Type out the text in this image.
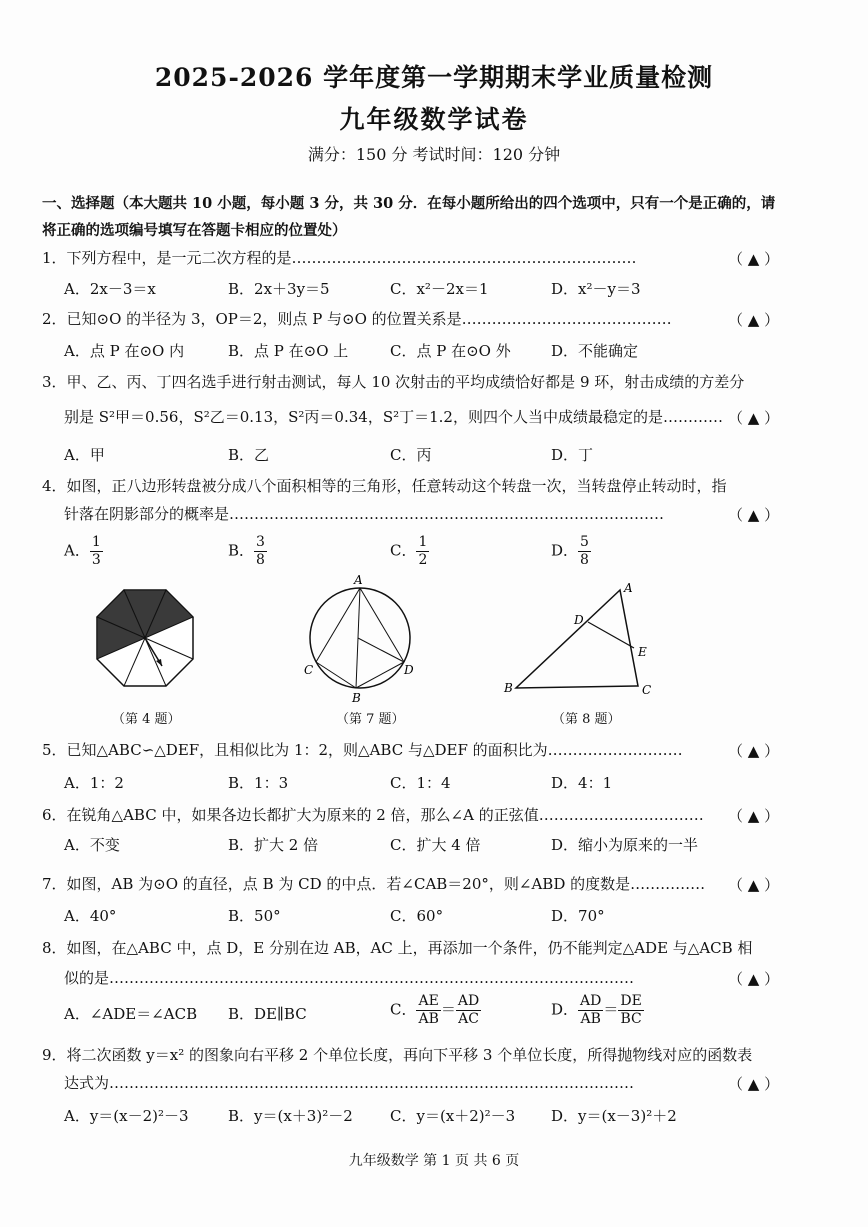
2025-2026 学年度第一学期期末学业质量检测
九年级数学试卷
满分：150 分 考试时间：120 分钟
一、选择题（本大题共 10 小题，每小题 3 分，共 30 分．在每小题所给出的四个选项中，只有一个是正确的，请将正确的选项编号填写在答题卡相应的位置处）
1．下列方程中，是一元二次方程的是……………………………………………………………	（ ▲ ）
A．2x－3＝x	B．2x＋3y＝5	C．x²－2x＝1	D．x²－y＝3
2．已知⊙O 的半径为 3，OP＝2，则点 P 与⊙O 的位置关系是……………………………………	（ ▲ ）
A．点 P 在⊙O 内	B．点 P 在⊙O 上	C．点 P 在⊙O 外	D．不能确定
3．甲、乙、丙、丁四名选手进行射击测试，每人 10 次射击的平均成绩恰好都是 9 环，射击成绩的方差分
别是 S²甲＝0.56，S²乙＝0.13，S²丙＝0.34，S²丁＝1.2，则四个人当中成绩最稳定的是………… （ ▲ ）
A．甲	B．乙	C．丙	D．丁
4．如图，正八边形转盘被分成八个面积相等的三角形，任意转动这个转盘一次，当转盘停止转动时，指
针落在阴影部分的概率是……………………………………………………………………………	（ ▲ ）
A． $\frac{1}{3}$	B． $\frac{3}{8}$	C． $\frac{1}{2}$	D． $\frac{5}{8}$
（第 4 题）
A
B
C	D
（第 7 题）
A
B	C
D
E
（第 8 题）
5．已知△ABC∽△DEF，且相似比为 1：2，则△ABC 与△DEF 的面积比为………………………	（ ▲ ）
A．1：2	B．1：3	C．1：4	D．4：1
6．在锐角△ABC 中，如果各边长都扩大为原来的 2 倍，那么∠A 的正弦值……………………………	（ ▲ ）
A．不变	B．扩大 2 倍	C．扩大 4 倍	D．缩小为原来的一半
7．如图，AB 为⊙O 的直径，点 B 为 CD 的中点．若∠CAB＝20°，则∠ABD 的度数是……………	（ ▲ ）
A．40°	B．50°	C．60°	D．70°
8．如图，在△ABC 中，点 D，E 分别在边 AB，AC 上，再添加一个条件，仍不能判定△ADE 与△ACB 相
似的是……………………………………………………………………………………………	（ ▲ ）
A．∠ADE＝∠ACB B．DE∥BC	C． $\frac{AE}{AB} = \frac{AD}{AC}$	D． $\frac{AD}{AB} = \frac{DE}{BC}$
9．将二次函数 y＝x² 的图象向右平移 2 个单位长度，再向下平移 3 个单位长度，所得抛物线对应的函数表
达式为……………………………………………………………………………………………	（ ▲ ）
A．y＝(x－2)²－3	B．y＝(x＋3)²－2 C．y＝(x＋2)²－3 D．y＝(x－3)²＋2
九年级数学 第 1 页 共 6 页
